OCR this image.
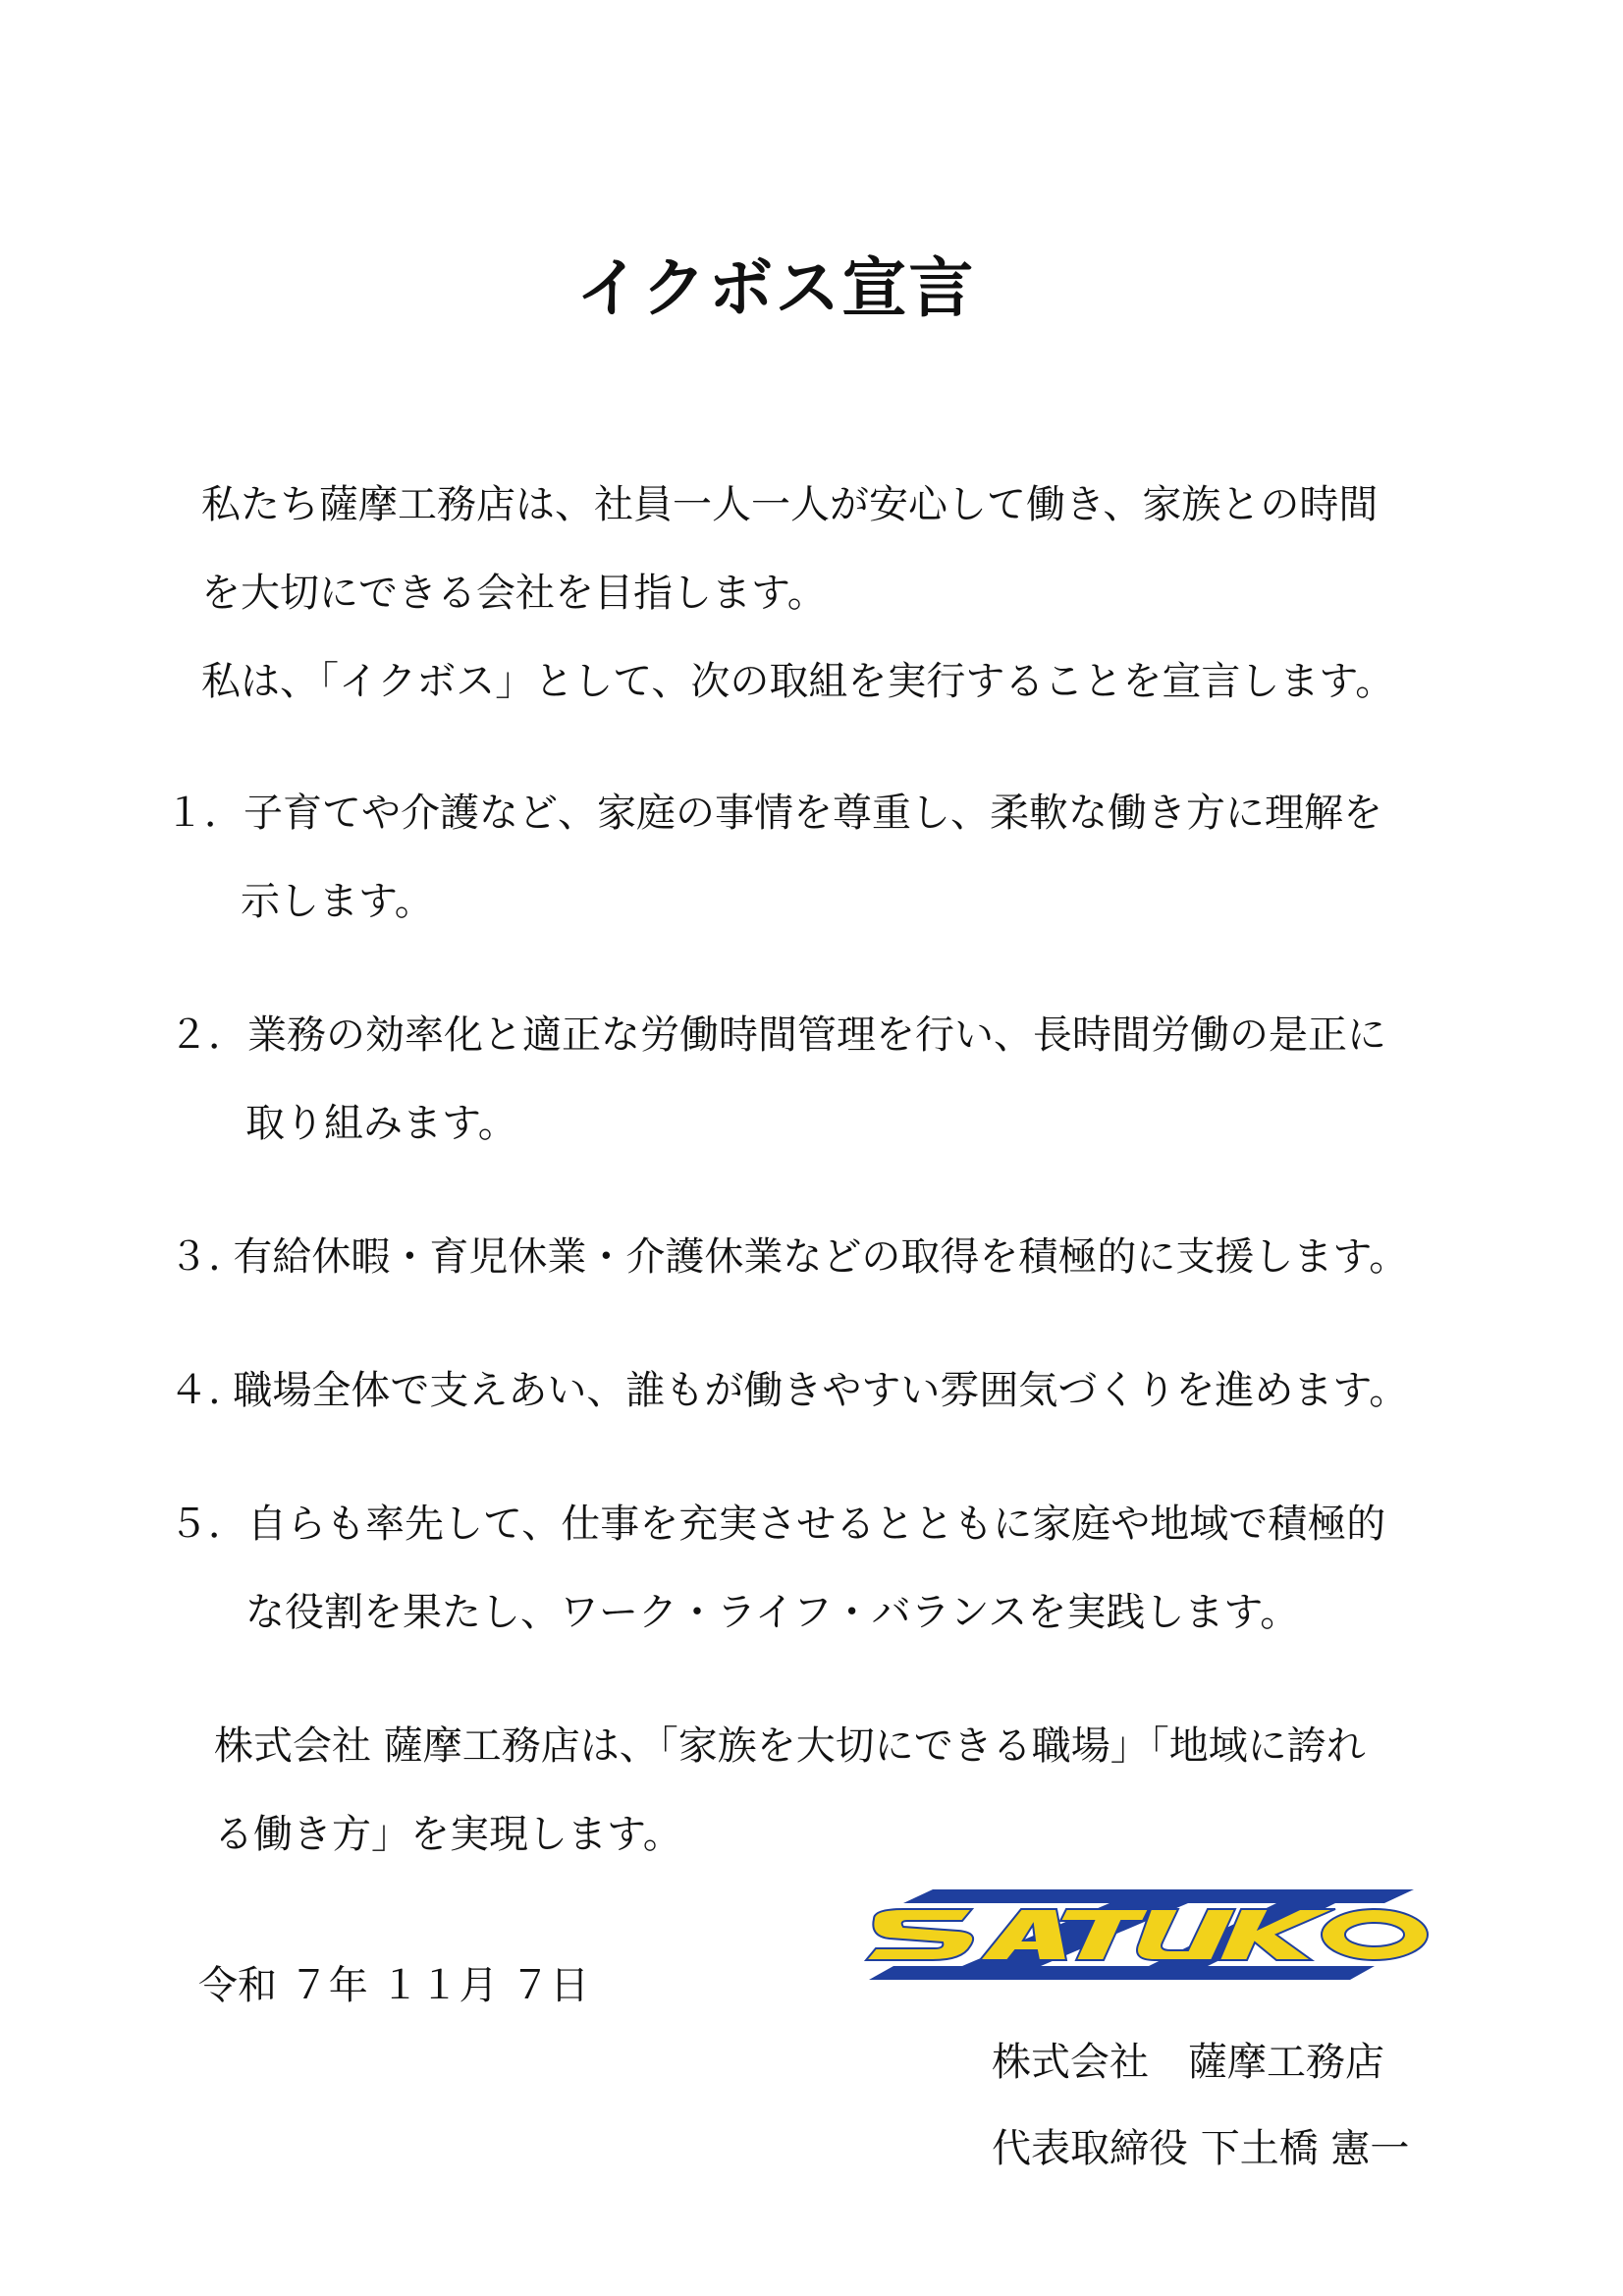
イクボス宣言

私たち薩摩工務店は、社員一人一人が安心して働き、家族との時間

を大切にできる会社を目指します。

私は、「イクボス」として、次の取組を実行することを宣言します。

１．子育てや介護など、家庭の事情を尊重し、柔軟な働き方に理解を

示します。

２．業務の効率化と適正な労働時間管理を行い、長時間労働の是正に

取り組みます。

３. 有給休暇・育児休業・介護休業などの取得を積極的に支援します。

４. 職場全体で支えあい、誰もが働きやすい雰囲気づくりを進めます。

５．自らも率先して、仕事を充実させるとともに家庭や地域で積極的

な役割を果たし、ワーク・ライフ・バランスを実践します。

株式会社 薩摩工務店は、「家族を大切にできる職場」「地域に誇れ

る働き方」を実現します。

令和 ７年 １１月 ７日

株式会社　薩摩工務店

代表取締役 下土橋 憲一
